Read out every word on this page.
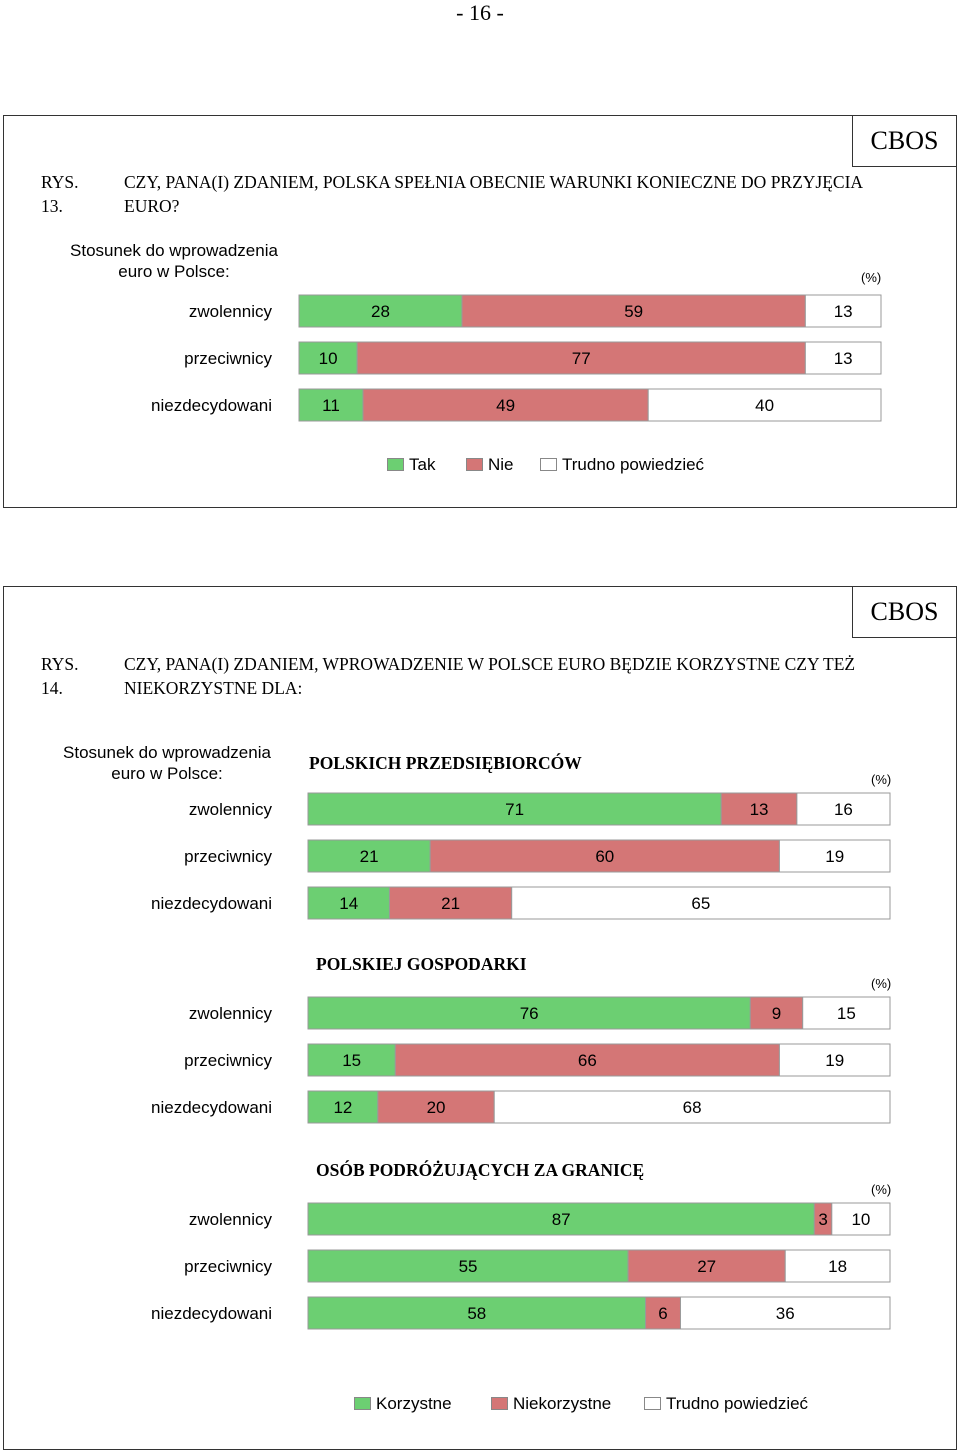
- 16 -
CBOS
RYS. 13.
CZY, PANA(I) ZDANIEM, POLSKA SPEŁNIA OBECNIE WARUNKI KONIECZNE DO PRZYJĘCIA EURO?
Stosunek do wprowadzenia euro w Polsce:	(%)
zwolennicy	28	59	13
przeciwnicy	10	77	13
niezdecydowani	11	49	40
Tak	Nie	Trudno powiedzieć
CBOS
RYS. 14.
CZY, PANA(I) ZDANIEM, WPROWADZENIE W POLSCE EURO BĘDZIE KORZYSTNE CZY TEŻ NIEKORZYSTNE DLA:
Stosunek do wprowadzenia euro w Polsce:
POLSKICH PRZEDSIĘBIORCÓW
(%)
POLSKIEJ GOSPODARKI
(%)
OSÓB PODRÓŻUJĄCYCH ZA GRANICĘ
(%)
zwolennicy	71	13	16
przeciwnicy	21	60	19
niezdecydowani	14	21	65
zwolennicy	76	9	15
przeciwnicy	15	66	19
niezdecydowani	12	20	68
zwolennicy	87	3 10
przeciwnicy	55	27	18
niezdecydowani	58	6	36
Korzystne	Niekorzystne	Trudno powiedzieć
